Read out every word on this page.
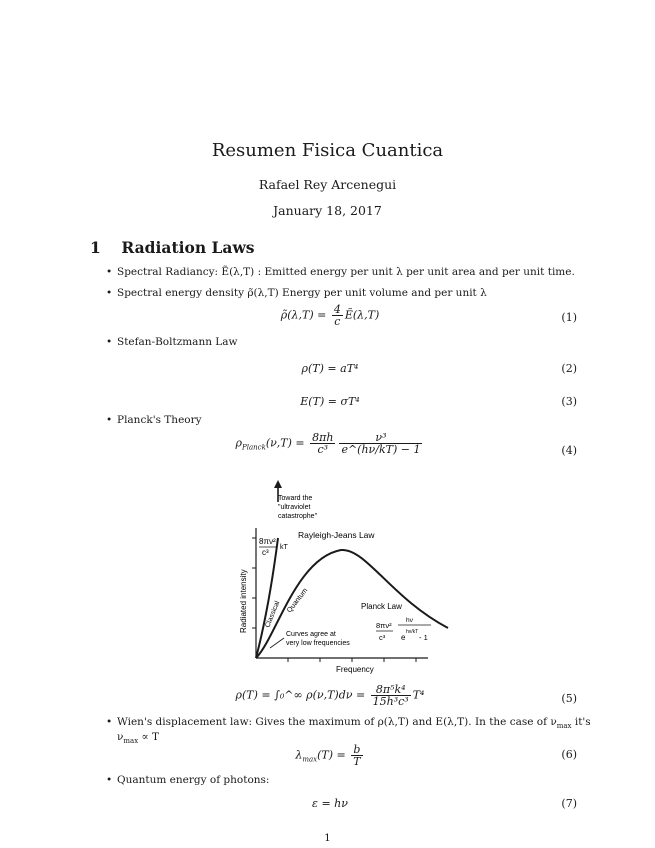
Resumen Fisica Cuantica
Rafael Rey Arcenegui
January 18, 2017
1 Radiation Laws
• Spectral Radiancy: Ẽ(λ,T) : Emitted energy per unit λ per unit area and per unit time.
• Spectral energy density ρ̃(λ,T) Energy per unit volume and per unit λ
ρ̃(λ,T) = $\frac{4}{c}$ Ẽ(λ,T)	(1)
• Stefan-Boltzmann Law
ρ(T) = aT⁴	(2)
E(T) = σT⁴	(3)
• Planck's Theory
$\rho_{Planck}(\nu,T) = \frac{8\pi h}{\text{c³}} \frac{\text{ν³}}{e\^{}(h\nu/kT) - 1}$	(4)
Toward the
"ultraviolet
catastrophe"
Rayleigh-Jeans Law
8πν²
c³
kT
Radiated intensity
Frequency
Classical Quantum	Planck Law
8πν²
c³
hν
e
hν/kT
- 1
Curves agree at
very low frequencies
ρ(T) = ∫₀^∞ $\rho(\nu,T)d\nu = \frac{\text{8π⁵k⁴}}{\text{15h³c³}} T^4$	(5)
• Wien's displacement law: Gives the maximum of ρ(λ,T) and E(λ,T). In the case of $\nu_{max}$ it's
$\nu_{max} \propto T$
$\lambda_{max}(T) = \frac{b}{T}$	(6)
• Quantum energy of photons:
ε = hν	(7)
1
